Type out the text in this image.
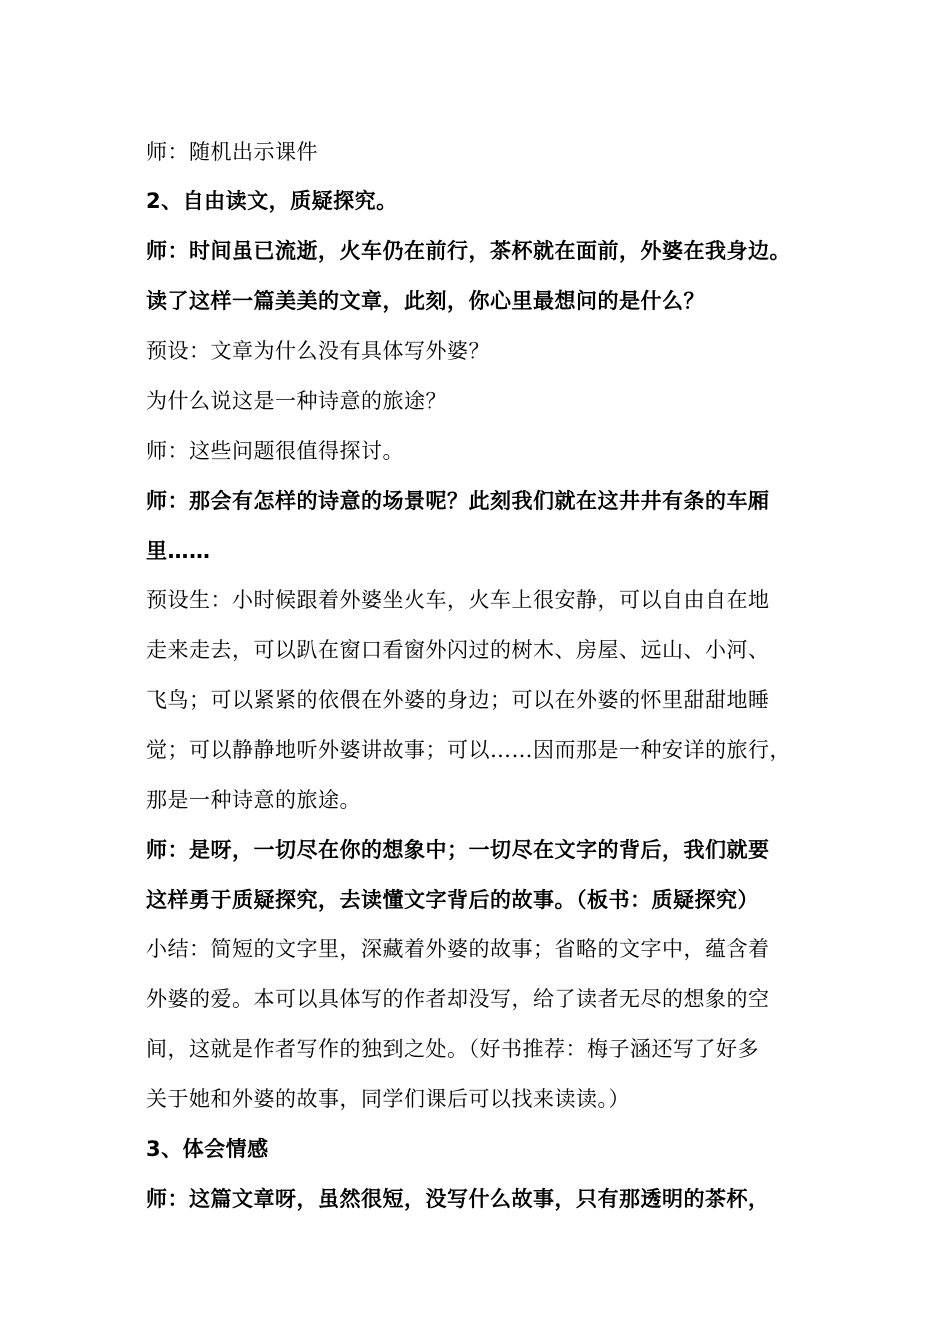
师：随机出示课件
2、自由读文，质疑探究。
师：时间虽已流逝，火车仍在前行，茶杯就在面前，外婆在我身边。
读了这样一篇美美的文章，此刻，你心里最想问的是什么？
预设：文章为什么没有具体写外婆？
为什么说这是一种诗意的旅途？
师：这些问题很值得探讨。
师：那会有怎样的诗意的场景呢？此刻我们就在这井井有条的车厢
里……
预设生：小时候跟着外婆坐火车，火车上很安静，可以自由自在地
走来走去，可以趴在窗口看窗外闪过的树木、房屋、远山、小河、
飞鸟；可以紧紧的依偎在外婆的身边；可以在外婆的怀里甜甜地睡
觉；可以静静地听外婆讲故事；可以……因而那是一种安详的旅行，
那是一种诗意的旅途。
师：是呀，一切尽在你的想象中；一切尽在文字的背后，我们就要
这样勇于质疑探究，去读懂文字背后的故事。（板书：质疑探究）
小结：简短的文字里，深藏着外婆的故事；省略的文字中，蕴含着
外婆的爱。本可以具体写的作者却没写，给了读者无尽的想象的空
间，这就是作者写作的独到之处。（好书推荐：梅子涵还写了好多
关于她和外婆的故事，同学们课后可以找来读读。）
3、体会情感
师：这篇文章呀，虽然很短，没写什么故事，只有那透明的茶杯，
